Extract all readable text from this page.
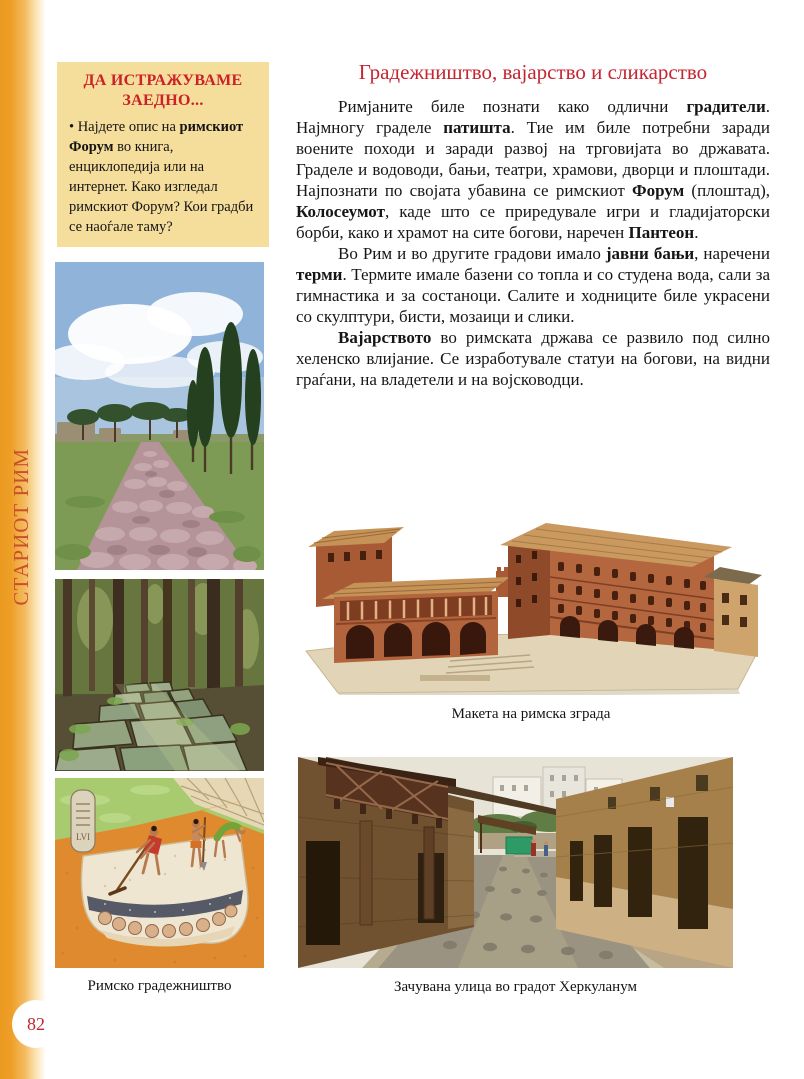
СТАРИОТ РИМ
82
ДА ИСТРАЖУВАМЕ ЗАЕДНО...

• Најдете опис на римскиот Форум во книга, енциклопедија или на интернет. Како изгледал римскиот Форум? Кои градби се наоѓале таму?

LVI
Римско градежништво
Градежништво, вајарство и сликарство

Римјаните биле познати како одлични градители. Најмногу граделе патишта. Тие им биле потребни заради воените походи и заради развој на трговијата во државата. Граделе и водоводи, бањи, театри, храмови, дворци и плоштади. Најпознати по својата убавина се римскиот Форум (плоштад), Колосеумот, каде што се приредувале игри и гладијаторски борби, како и храмот на сите богови, наречен Пантеон.

Во Рим и во другите градови имало јавни бањи, наречени терми. Термите имале базени со топла и со студена вода, сали за гимнастика и за состаноци. Салите и ходниците биле украсени со скулптури, бисти, мозаици и слики.

Вајарството во римската држава се развило под силно хеленско влијание. Се изработувале статуи на богови, на видни граѓани, на владетели и на војсководци.

Макета на римска зграда
Зачувана улица во градот Херкуланум
